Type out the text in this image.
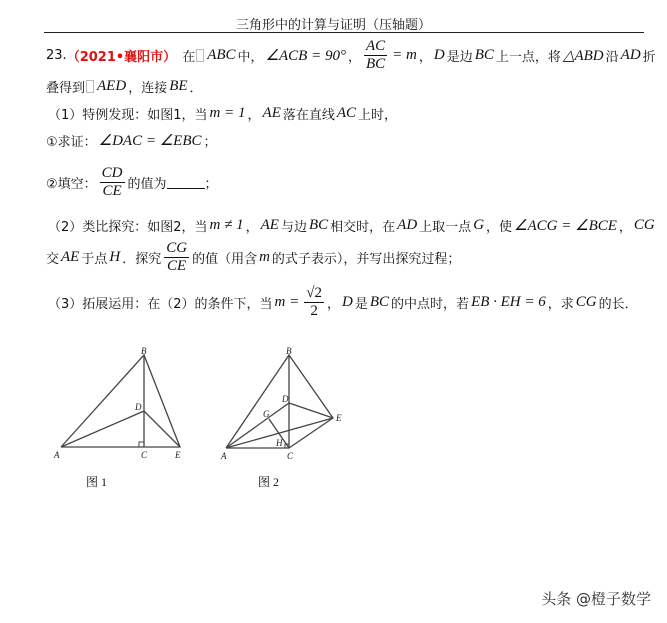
三角形中的计算与证明（压轴题）
23. （2021•襄阳市） 在 ABC 中， ∠ACB = 90° ， $\frac{AC}{BC} = m$ ， D 是边 BC 上一点，将 △ABD 沿 AD 折
叠得到 AED ，连接 BE ．
（1）特例发现：如图1，当 m = 1 ， AE 落在直线 AC 上时，
①求证： ∠DAC = ∠EBC ；
②填空： $\frac{CD}{CE}$ 的值为	；
（2）类比探究：如图2，当 m ≠ 1 ， AE 与边 BC 相交时，在 AD 上取一点 G ，使 ∠ACG = ∠BCE ， CG
交 AE 于点 H ．探究 $\frac{CG}{CE}$ 的值（用含 m 的式子表示），并写出探究过程；
（3）拓展运用：在（2）的条件下，当 $m = \frac{√2}{2}$ ， D 是 BC 的中点时，若 EB · EH = 6 ，求 CG 的长．
B
D
A	C	E
B
D
E
G
H
A	C
图 1	图 2
头条 @橙子数学
